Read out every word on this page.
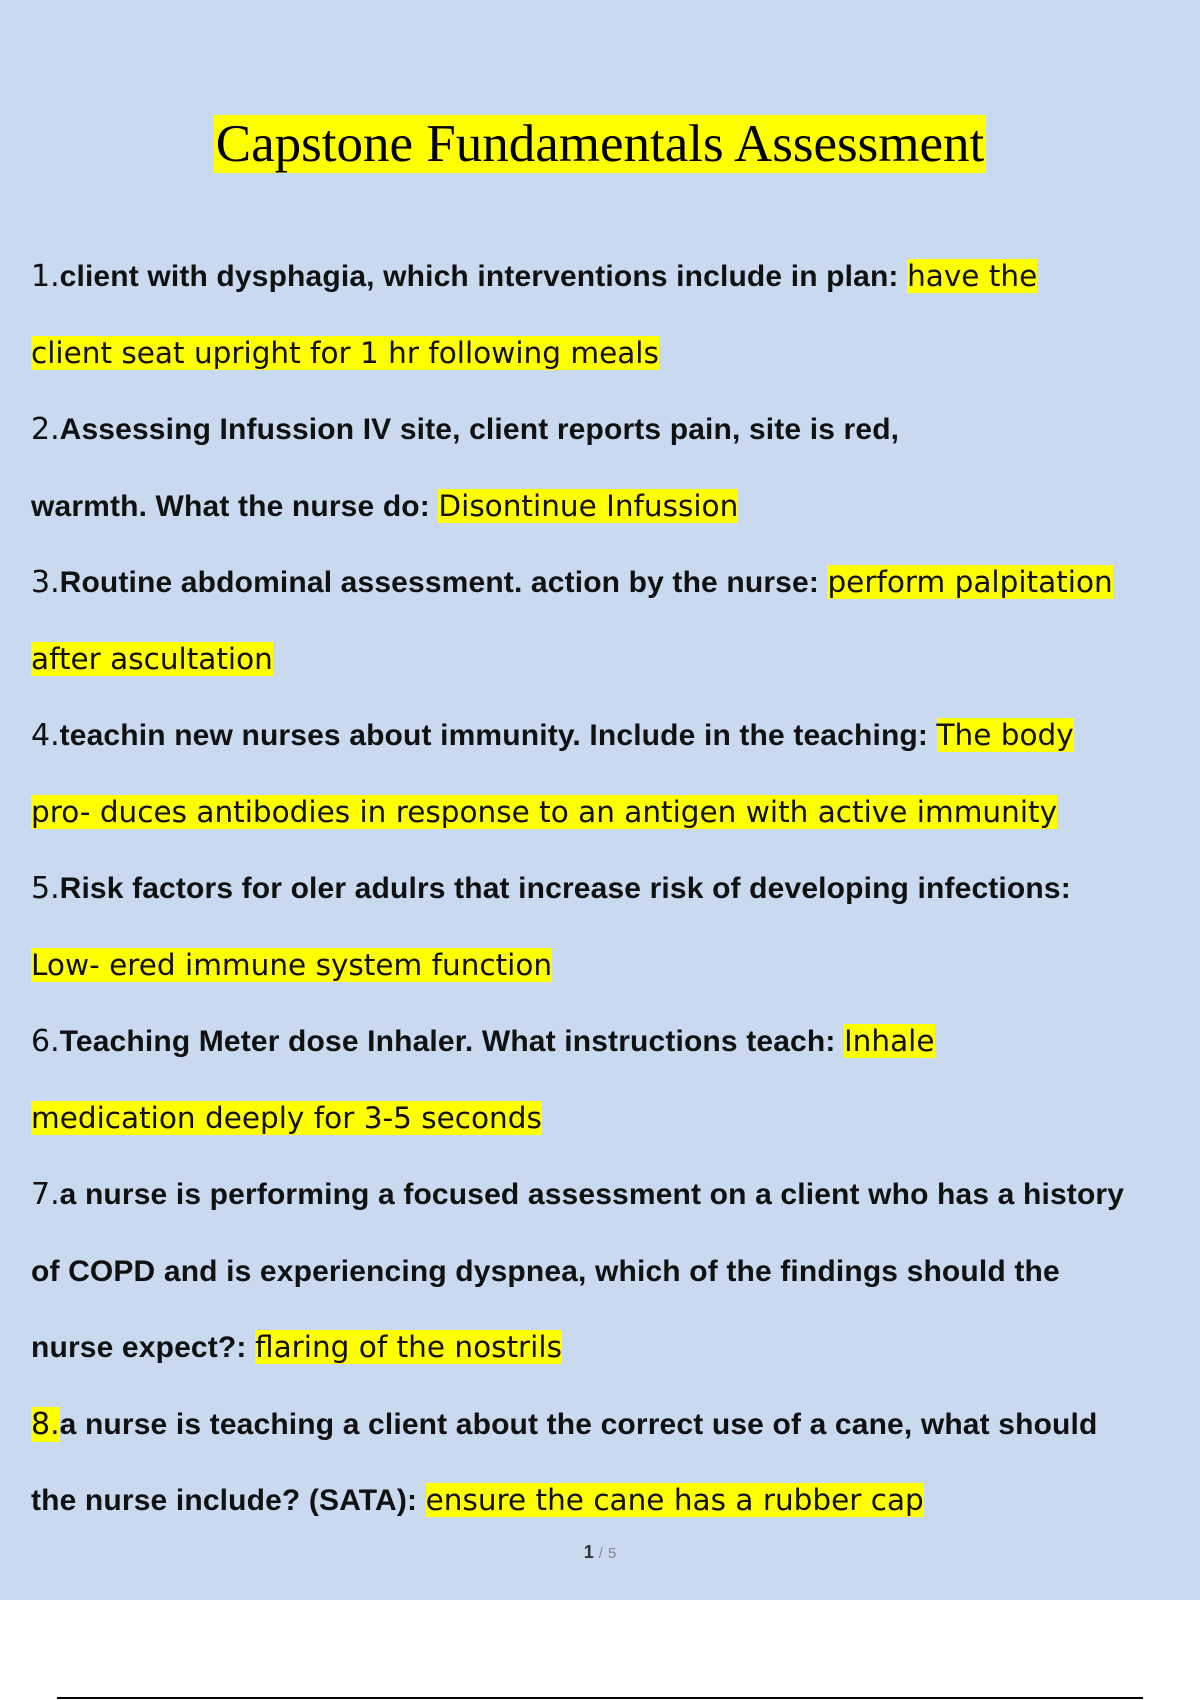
Capstone Fundamentals Assessment
1.client with dysphagia, which interventions include in plan: have the
client seat upright for 1 hr following meals
2.Assessing Infussion IV site, client reports pain, site is red,
warmth. What the nurse do: Disontinue Infussion
3.Routine abdominal assessment. action by the nurse: perform palpitation
after ascultation
4.teachin new nurses about immunity. Include in the teaching: The body
pro- duces antibodies in response to an antigen with active immunity
5.Risk factors for oler adulrs that increase risk of developing infections:
Low- ered immune system function
6.Teaching Meter dose Inhaler. What instructions teach: Inhale
medication deeply for 3-5 seconds
7.a nurse is performing a focused assessment on a client who has a history
of COPD and is experiencing dyspnea, which of the findings should the
nurse expect?: flaring of the nostrils
8.a nurse is teaching a client about the correct use of a cane, what should
the nurse include? (SATA): ensure the cane has a rubber cap
1 / 5
